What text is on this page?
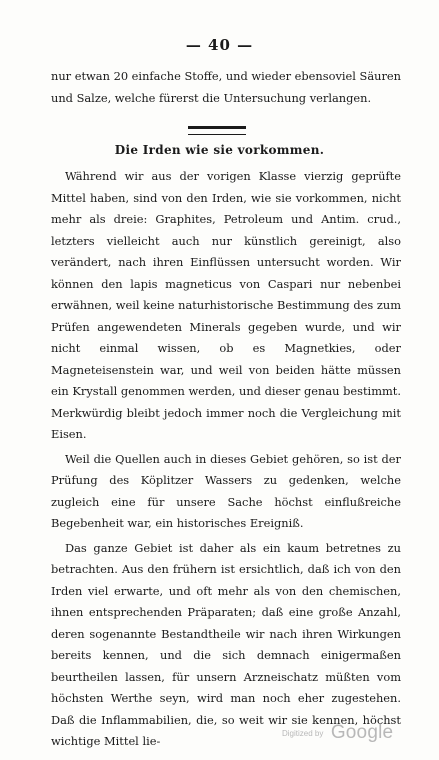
— 40 —

nur etwan 20 einfache Stoffe, und wieder ebensoviel Säuren und Salze, welche fürerst die Untersuchung verlangen.

Die Irden wie sie vorkommen.

Während wir aus der vorigen Klasse vierzig geprüfte Mittel haben, sind von den Irden, wie sie vorkommen, nicht mehr als dreie: Graphites, Petroleum und Antim. crud., letzters vielleicht auch nur künstlich gereinigt, also verändert, nach ihren Einflüssen untersucht worden. Wir können den lapis magneticus von Caspari nur nebenbei erwähnen, weil keine naturhistorische Bestimmung des zum Prüfen angewendeten Minerals gegeben wurde, und wir nicht einmal wissen, ob es Magnetkies, oder Magneteisenstein war, und weil von beiden hätte müssen ein Krystall genommen werden, und dieser genau bestimmt. Merkwürdig bleibt jedoch immer noch die Vergleichung mit Eisen.

Weil die Quellen auch in dieses Gebiet gehören, so ist der Prüfung des Köplitzer Wassers zu gedenken, welche zugleich eine für unsere Sache höchst einflußreiche Begebenheit war, ein historisches Ereigniß.

Das ganze Gebiet ist daher als ein kaum betretnes zu betrachten. Aus den frühern ist ersichtlich, daß ich von den Irden viel erwarte, und oft mehr als von den chemischen, ihnen entsprechenden Präparaten; daß eine große Anzahl, deren sogenannte Bestandtheile wir nach ihren Wirkungen bereits kennen, und die sich demnach einigermaßen beurtheilen lassen, für unsern Arzneischatz müßten vom höchsten Werthe seyn, wird man noch eher zugestehen. Daß die Inflammabilien, die, so weit wir sie kennen, höchst wichtige Mittel lie-

Digitized by Google
